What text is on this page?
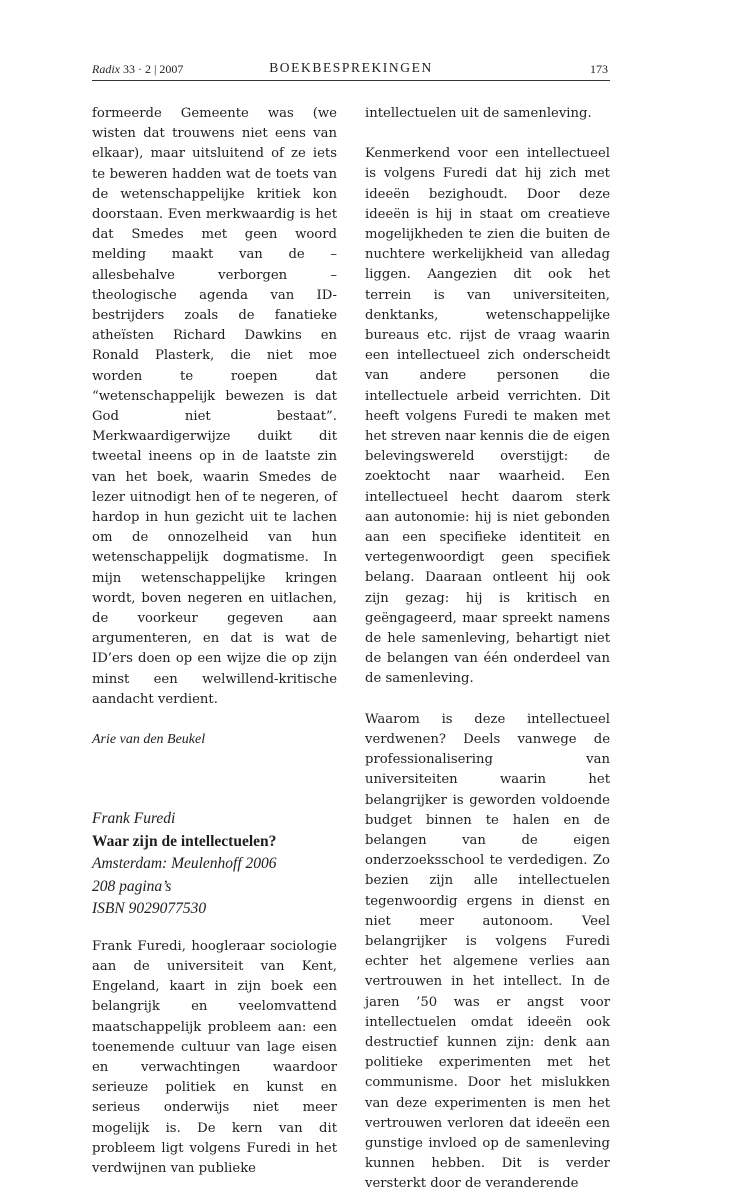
Radix 33 · 2 | 2007	BOEKBESPREKINGEN	173

formeerde Gemeente was (we wisten dat trouwens niet eens van elkaar), maar uitsluitend of ze iets te beweren hadden wat de toets van de wetenschappelijke kritiek kon doorstaan. Even merkwaardig is het dat Smedes met geen woord melding maakt van de – allesbehalve verborgen – theologische agenda van ID-bestrijders zoals de fanatieke atheïsten Richard Dawkins en Ronald Plasterk, die niet moe worden te roepen dat “wetenschappelijk bewezen is dat God niet bestaat”. Merkwaardigerwijze duikt dit tweetal ineens op in de laatste zin van het boek, waarin Smedes de lezer uitnodigt hen of te negeren, of hardop in hun gezicht uit te lachen om de onnozelheid van hun wetenschappelijk dogmatisme. In mijn wetenschappelijke kringen wordt, boven negeren en uitlachen, de voorkeur gegeven aan argumenteren, en dat is wat de ID’ers doen op een wijze die op zijn minst een welwillend-kritische aandacht verdient.

Arie van den Beukel
Frank Furedi
Waar zijn de intellectuelen?
Amsterdam: Meulenhoff 2006
208 pagina’s
ISBN 9029077530

Frank Furedi, hoogleraar sociologie aan de universiteit van Kent, Engeland, kaart in zijn boek een belangrijk en veelomvattend maatschappelijk probleem aan: een toenemende cultuur van lage eisen en verwachtingen waardoor serieuze politiek en kunst en serieus onderwijs niet meer mogelijk is. De kern van dit probleem ligt volgens Furedi in het verdwijnen van publieke

intellectuelen uit de samenleving.

Kenmerkend voor een intellectueel is volgens Furedi dat hij zich met ideeën bezighoudt. Door deze ideeën is hij in staat om creatieve mogelijkheden te zien die buiten de nuchtere werkelijkheid van alledag liggen. Aangezien dit ook het terrein is van universiteiten, denktanks, wetenschappelijke bureaus etc. rijst de vraag waarin een intellectueel zich onderscheidt van andere personen die intellectuele arbeid verrichten. Dit heeft volgens Furedi te maken met het streven naar kennis die de eigen belevingswereld overstijgt: de zoektocht naar waarheid. Een intellectueel hecht daarom sterk aan autonomie: hij is niet gebonden aan een specifieke identiteit en vertegenwoordigt geen specifiek belang. Daaraan ontleent hij ook zijn gezag: hij is kritisch en geëngageerd, maar spreekt namens de hele samenleving, behartigt niet de belangen van één onderdeel van de samenleving.

Waarom is deze intellectueel verdwenen? Deels vanwege de professionalisering van universiteiten waarin het belangrijker is geworden voldoende budget binnen te halen en de belangen van de eigen onderzoeksschool te verdedigen. Zo bezien zijn alle intellectuelen tegenwoordig ergens in dienst en niet meer autonoom. Veel belangrijker is volgens Furedi echter het algemene verlies aan vertrouwen in het intellect. In de jaren ’50 was er angst voor intellectuelen omdat ideeën ook destructief kunnen zijn: denk aan politieke experimenten met het communisme. Door het mislukken van deze experimenten is men het vertrouwen verloren dat ideeën een gunstige invloed op de samenleving kunnen hebben. Dit is verder versterkt door de veranderende
